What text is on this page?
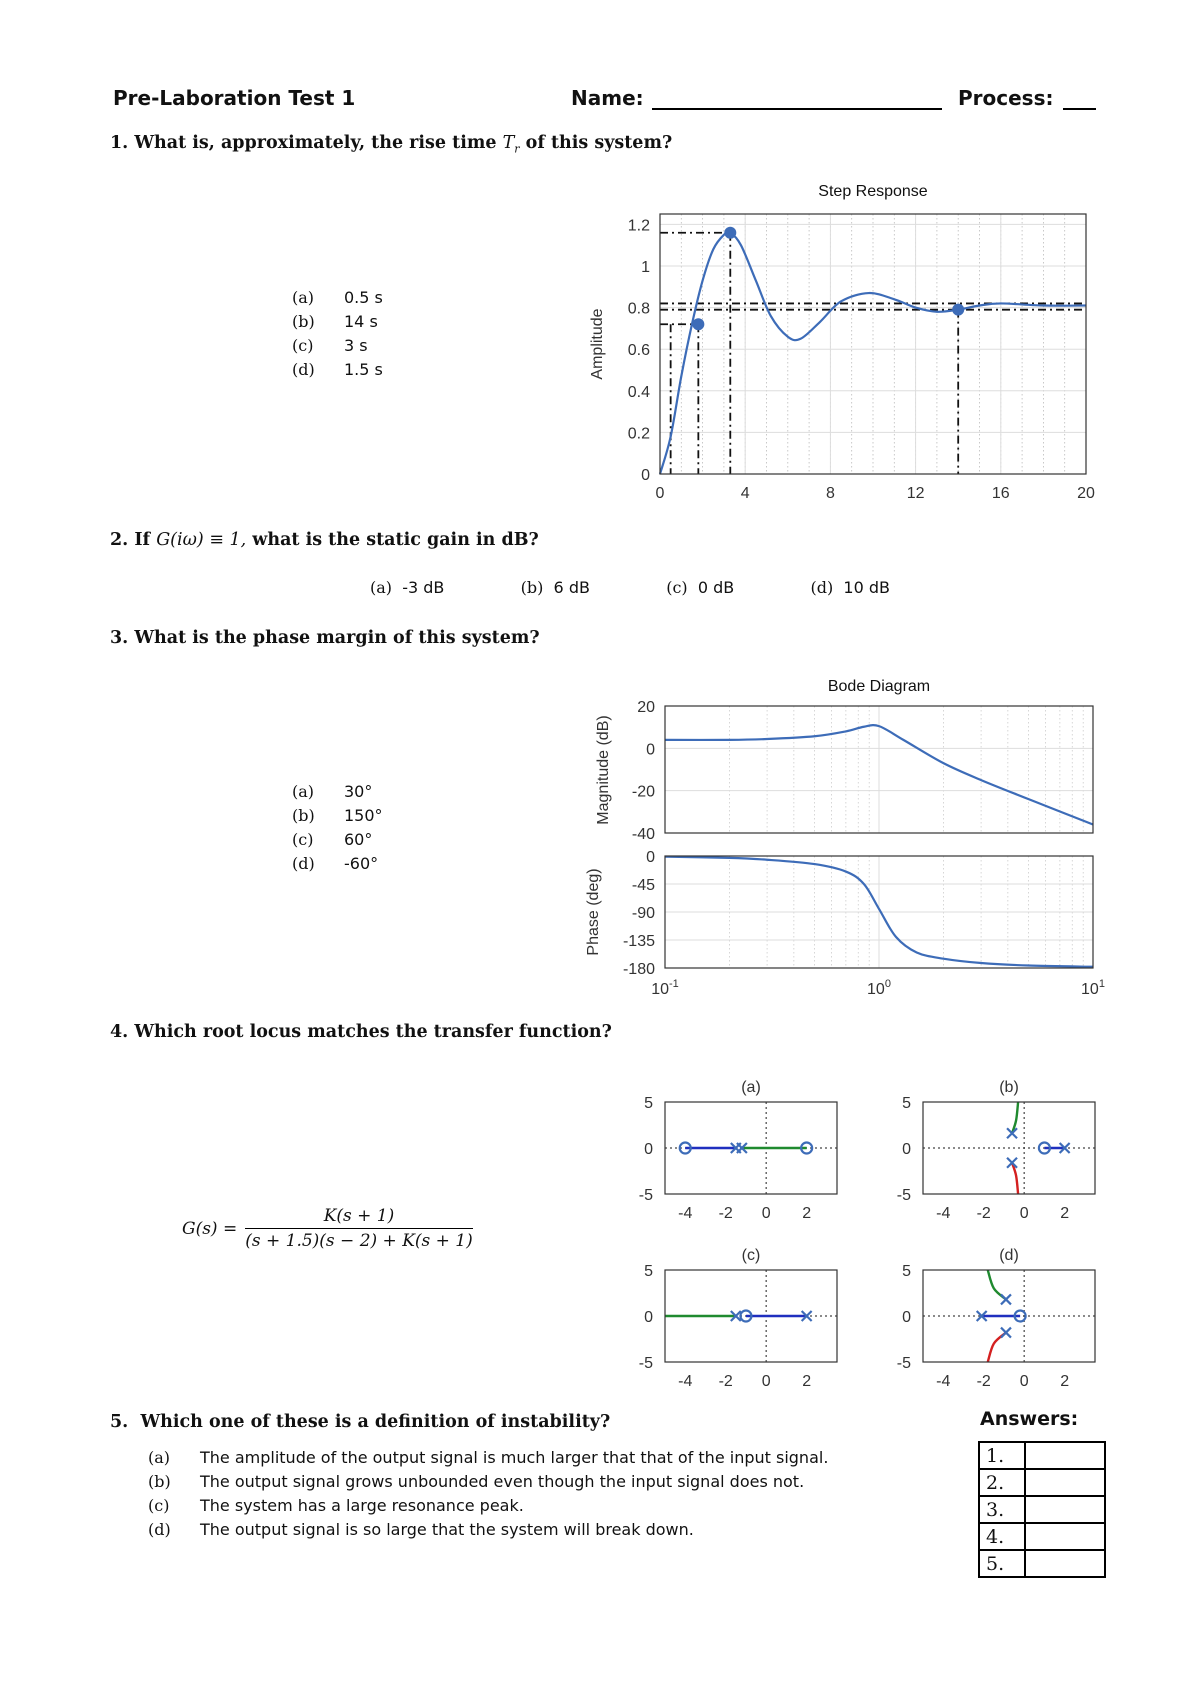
Pre-Laboration Test 1	Name:	Process:
1. What is, approximately, the rise time $T_r$ of this system?
(a) 0.5 s
(b) 14 s
(c) 3 s
(d) 1.5 s
Step Response
0	4	8	12	16	20
0
0.2
0.4
0.6
0.8
1
1.2
Amplitude
2. If G(iω) ≡ 1, what is the static gain in dB?
(a) -3 dB	(b) 6 dB	(c) 0 dB	(d) 10 dB
3. What is the phase margin of this system?
(a) 30°
(b) 150°
(c) 60°
(d) -60°
Bode Diagram
20
0
-20
-40
0
-45
-90
-135
-180
$10^{-1}$	$10^0$	$10^1$
Magnitude (dB)
Phase (deg)
4. Which root locus matches the transfer function?
G(s) =
K(s + 1)
(s + 1.5)(s − 2) + K(s + 1)
(a)
-4 -2 0 2
5
0
-5
(b)
-4 -2 0 2
5
0
-5
(c)
-4 -2 0 2
5
0
-5
(d)
-4 -2 0 2
5
0
-5
5. Which one of these is a definition of instability?
(a) The amplitude of the output signal is much larger that that of the input signal.
(b) The output signal grows unbounded even though the input signal does not.
(c) The system has a large resonance peak.
(d) The output signal is so large that the system will break down.
Answers:
1.	
2.	
3.	
4.	
5.	
